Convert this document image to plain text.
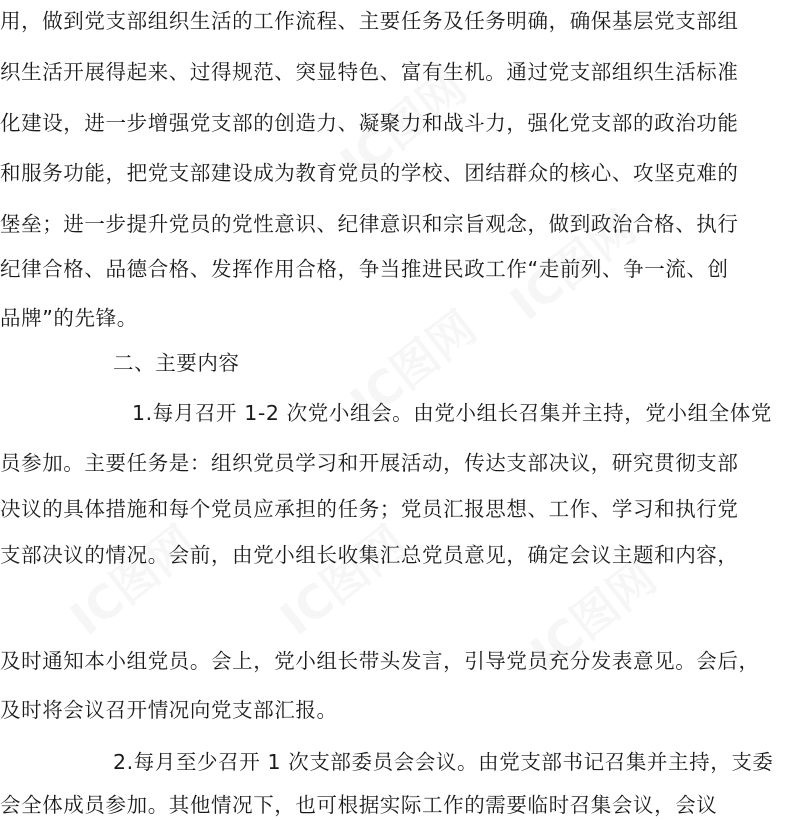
IC图网
IC图网
IC图网
IC图网 IC图网 IC图网
用，做到党支部组织生活的工作流程、主要任务及任务明确，确保基层党支部组
织生活开展得起来、过得规范、突显特色、富有生机。通过党支部组织生活标准
化建设，进一步增强党支部的创造力、凝聚力和战斗力，强化党支部的政治功能
和服务功能，把党支部建设成为教育党员的学校、团结群众的核心、攻坚克难的
堡垒；进一步提升党员的党性意识、纪律意识和宗旨观念，做到政治合格、执行
纪律合格、品德合格、发挥作用合格，争当推进民政工作“走前列、争一流、创
品牌”的先锋。
二、主要内容
1.每月召开 1-2 次党小组会。由党小组长召集并主持，党小组全体党
员参加。主要任务是：组织党员学习和开展活动，传达支部决议，研究贯彻支部
决议的具体措施和每个党员应承担的任务；党员汇报思想、工作、学习和执行党
支部决议的情况。会前，由党小组长收集汇总党员意见，确定会议主题和内容，
及时通知本小组党员。会上，党小组长带头发言，引导党员充分发表意见。会后，
及时将会议召开情况向党支部汇报。
2.每月至少召开 1 次支部委员会会议。由党支部书记召集并主持，支委
会全体成员参加。其他情况下，也可根据实际工作的需要临时召集会议，会议
